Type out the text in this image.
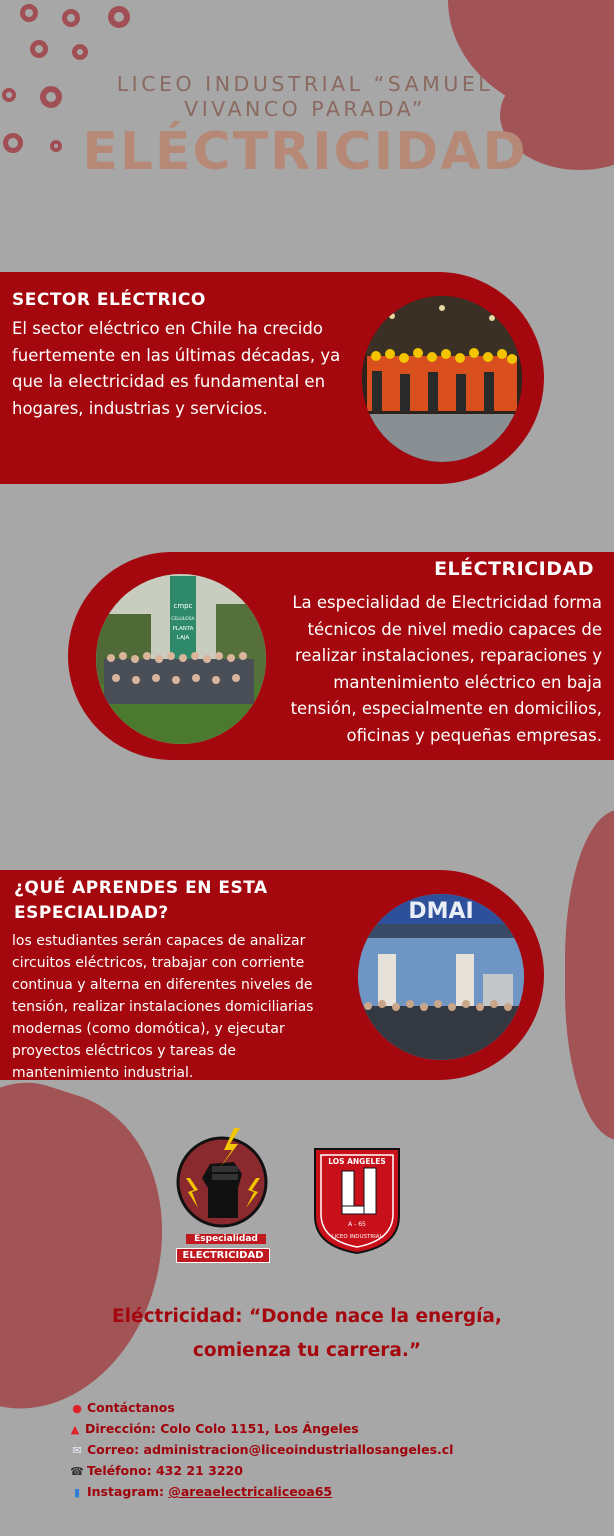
LICEO INDUSTRIAL “SAMUEL VIVANCO PARADA”
ELÉCTRICIDAD
SECTOR ELÉCTRICO
El sector eléctrico en Chile ha crecido fuertemente en las últimas décadas, ya que la electricidad es fundamental en hogares, industrias y servicios.
ELÉCTRICIDAD
La especialidad de Electricidad forma técnicos de nivel medio capaces de realizar instalaciones, reparaciones y mantenimiento eléctrico en baja tensión, especialmente en domicilios, oficinas y pequeñas empresas.
cmpc
CELULOSA
PLANTA
LAJA
¿QUÉ APRENDES EN ESTA ESPECIALIDAD?
los estudiantes serán capaces de analizar circuitos eléctricos, trabajar con corriente continua y alterna en diferentes niveles de tensión, realizar instalaciones domiciliarias modernas (como domótica), y ejecutar proyectos eléctricos y tareas de mantenimiento industrial.
DMAI
Especialidad
ELECTRICIDAD
LOS ANGELES
A - 65
LICEO INDUSTRIAL
Eléctricidad: “Donde nace la energía, comienza tu carrera.”
● Contáctanos
▲ Dirección: Colo Colo 1151, Los Ángeles
✉ Correo: administracion@liceoindustriallosangeles.cl
☎ Teléfono: 432 21 3220
▮ Instagram: @areaelectricaliceoa65
